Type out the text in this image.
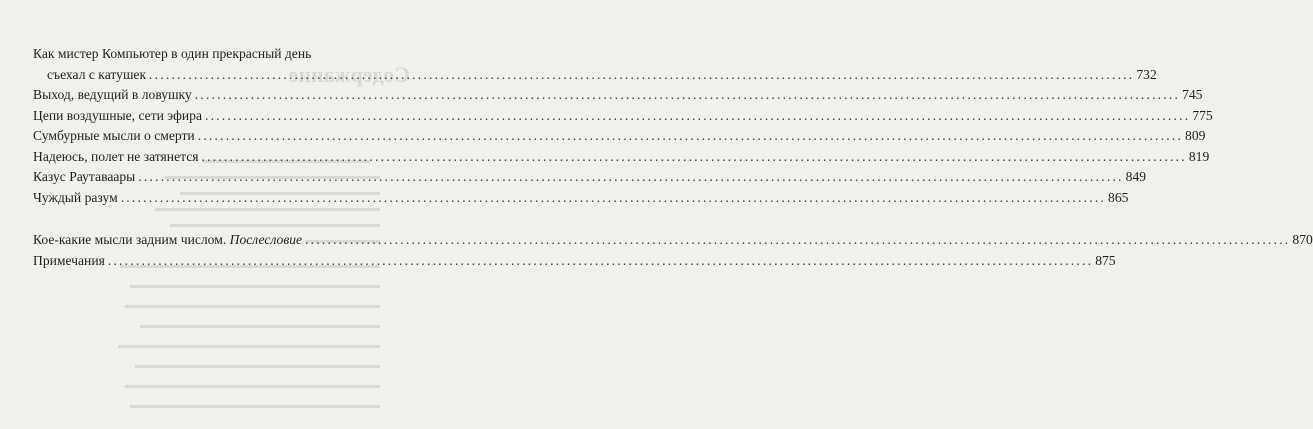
Содержание
Как мистер Компьютер в один прекрасный день
съехал с катушек .....	732
Выход, ведущий в ловушку .....	745
Цепи воздушные, сети эфира .....	775
Сумбурные мысли о смерти .....	809
Надеюсь, полет не затянется .....	819
Казус Раутаваары .....	849
Чуждый разум .....	865
Кое-какие мысли задним числом. Послесловие .....	870
Примечания .....	875
